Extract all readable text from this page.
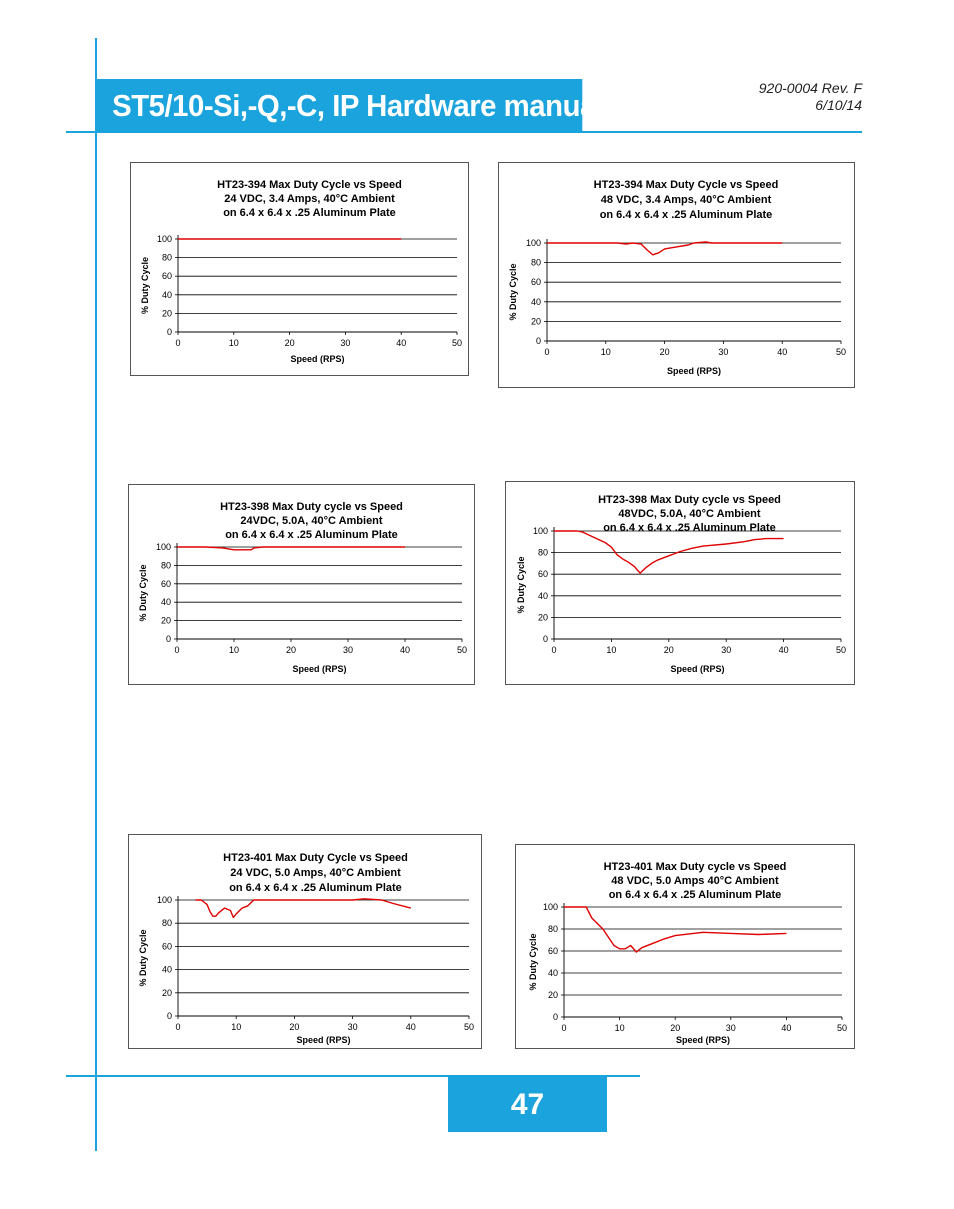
ST5/10-Si,-Q,-C, IP Hardware manual	920-0004 Rev. F
6/10/14
47
HT23-394 Max Duty Cycle vs Speed
24 VDC, 3.4 Amps, 40°C Ambient
on 6.4 x 6.4 x .25 Aluminum Plate
0
20
40
60
80
100
0	10	20	30	40	50
Speed (RPS)
% Duty Cycle
HT23-394 Max Duty Cycle vs Speed
48 VDC, 3.4 Amps, 40°C Ambient
on 6.4 x 6.4 x .25 Aluminum Plate
0
20
40
60
80
100
0	10	20	30	40	50
Speed (RPS)
% Duty Cycle
HT23-398 Max Duty cycle vs Speed
24VDC, 5.0A, 40°C Ambient
on 6.4 x 6.4 x .25 Aluminum Plate
0
20
40
60
80
100
0	10	20	30	40	50
Speed (RPS)
% Duty Cycle
HT23-398 Max Duty cycle vs Speed
48VDC, 5.0A, 40°C Ambient
on 6.4 x 6.4 x .25 Aluminum Plate
0
20
40
60
80
100
0	10	20	30	40	50
Speed (RPS)
% Duty Cycle
HT23-401 Max Duty Cycle vs Speed
24 VDC, 5.0 Amps, 40°C Ambient
on 6.4 x 6.4 x .25 Aluminum Plate
0
20
40
60
80
100
0	10	20	30	40	50
Speed (RPS)
% Duty Cycle
HT23-401 Max Duty cycle vs Speed
48 VDC, 5.0 Amps 40°C Ambient
on 6.4 x 6.4 x .25 Aluminum Plate
0
20
40
60
80
100
0	10	20	30	40	50
Speed (RPS)
% Duty Cycle
